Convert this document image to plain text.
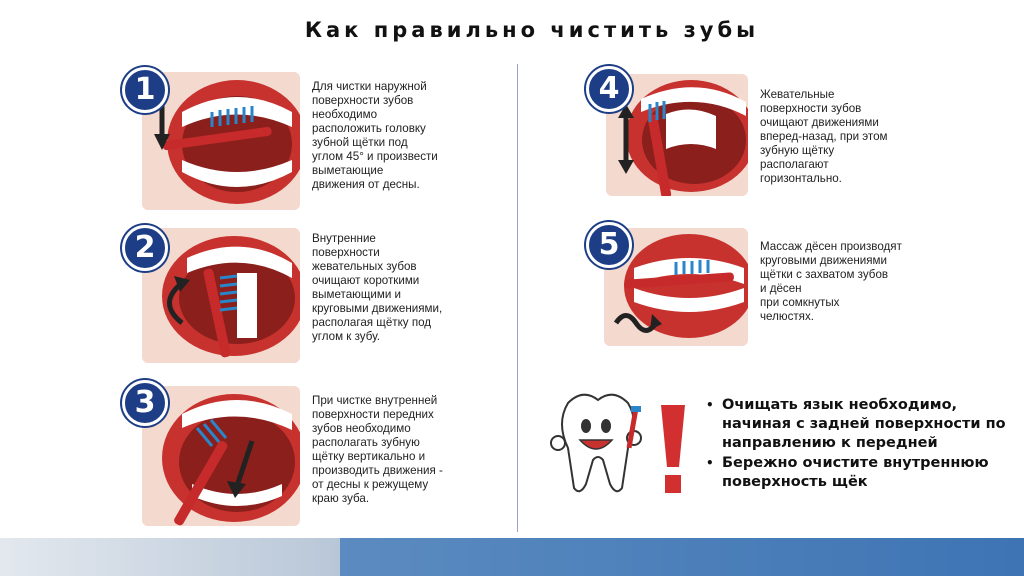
Как правильно чистить зубы
1	Для чистки наружной
поверхности зубов
необходимо
расположить головку
зубной щётки под
углом 45° и произвести
выметающие
движения от десны.
2	Внутренние
поверхности
жевательных зубов
очищают короткими
выметающими и
круговыми движениями,
располагая щётку под
углом к зубу.
3	При чистке внутренней
поверхности передних
зубов необходимо
располагать зубную
щётку вертикально и
производить движения -
от десны к режущему
краю зуба.
4	Жевательные
поверхности зубов
очищают движениями
вперед-назад, при этом
зубную щётку
располагают
горизонтально.
5	Массаж дёсен производят
круговыми движениями
щётки с захватом зубов
и дёсен
при сомкнутых
челюстях.
• Очищать язык необходимо, начиная с задней поверхности по направлению к передней
• Бережно очистите внутреннюю поверхность щёк
